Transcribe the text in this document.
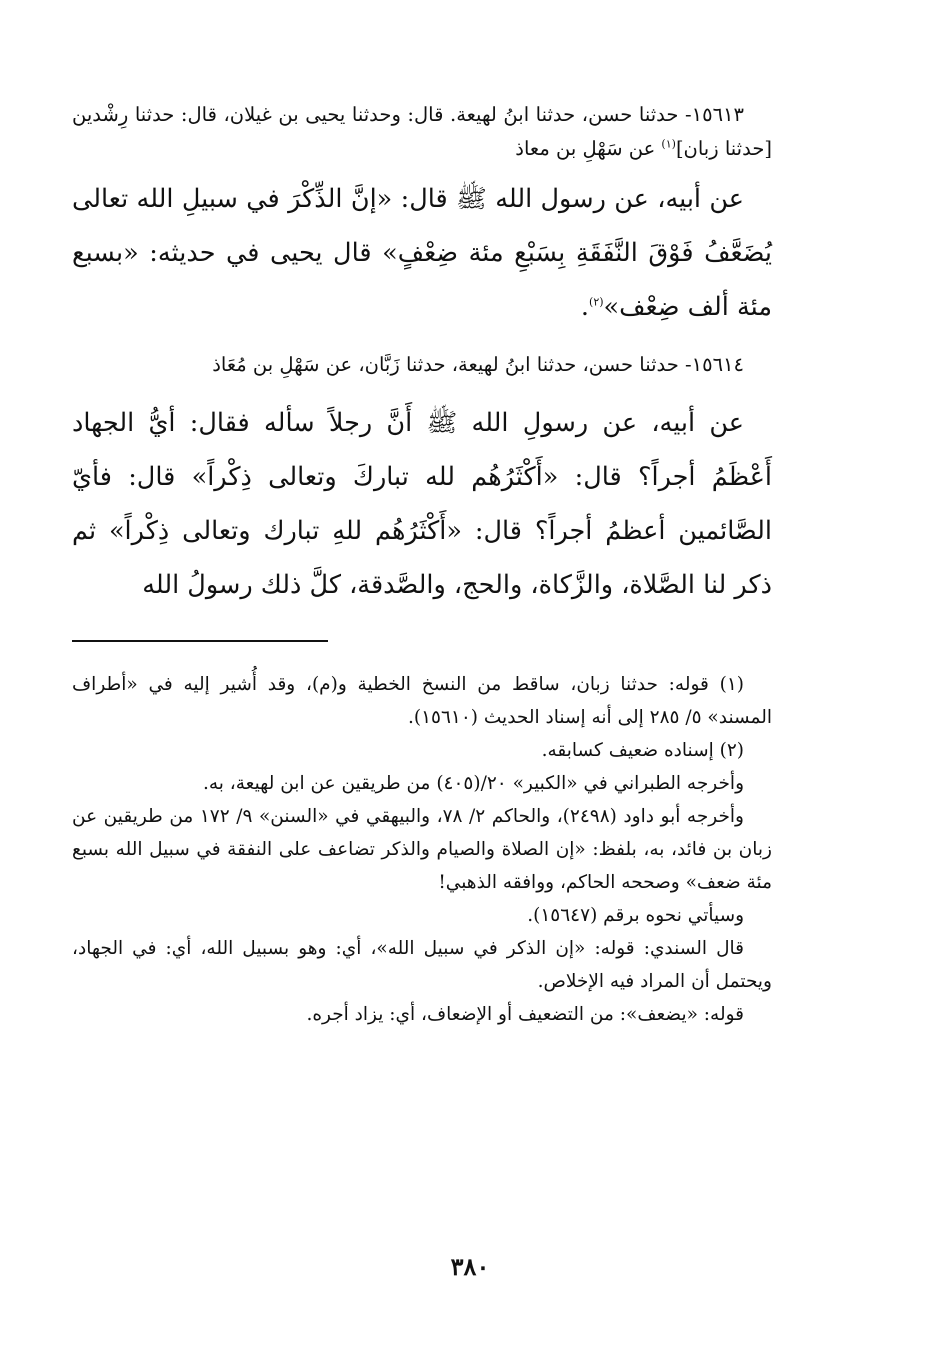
١٥٦١٣- حدثنا حسن، حدثنا ابنُ لهيعة. قال: وحدثنا يحيى بن غيلان، قال: حدثنا رِشْدين [حدثنا زبان]$^{(١)}$ عن سَهْلِ بن معاذ

عن أبيه، عن رسول الله ﷺ قال: «إنَّ الذِّكْرَ في سبيلِ الله تعالى يُضَعَّفُ فَوْقَ النَّفَقَةِ بِسَبْعِ مئة ضِعْفٍ» قال يحيى في حديثه: «بسبع مئة ألف ضِعْف»$^{(٢)}$.

١٥٦١٤- حدثنا حسن، حدثنا ابنُ لهيعة، حدثنا زَبَّان، عن سَهْلِ بن مُعَاذ

عن أبيه، عن رسولِ الله ﷺ أَنَّ رجلاً سأله فقال: أيُّ الجهاد أَعْظَمُ أجراً؟ قال: «أَكْثَرُهُم لله تباركَ وتعالى ذِكْراً» قال: فأيّ الصَّائمين أعظمُ أجراً؟ قال: «أَكْثَرُهُم للهِ تبارك وتعالى ذِكْراً» ثم ذكر لنا الصَّلاة، والزَّكاة، والحج، والصَّدقة، كلَّ ذلك رسولُ الله

(١) قوله: حدثنا زبان، ساقط من النسخ الخطية و(م)، وقد أُشير إليه في «أطراف المسند» ٥/ ٢٨٥ إلى أنه إسناد الحديث (١٥٦١٠).

(٢) إسناده ضعيف كسابقه.

وأخرجه الطبراني في «الكبير» ٢٠/(٤٠٥) من طريقين عن ابن لهيعة، به.

وأخرجه أبو داود (٢٤٩٨)، والحاكم ٢/ ٧٨، والبيهقي في «السنن» ٩/ ١٧٢ من طريقين عن زبان بن فائد، به، بلفظ: «إن الصلاة والصيام والذكر تضاعف على النفقة في سبيل الله بسبع مئة ضعف» وصححه الحاكم، ووافقه الذهبي!

وسيأتي نحوه برقم (١٥٦٤٧).

قال السندي: قوله: «إن الذكر في سبيل الله»، أي: وهو بسبيل الله، أي: في الجهاد، ويحتمل أن المراد فيه الإخلاص.

قوله: «يضعف»: من التضعيف أو الإضعاف، أي: يزاد أجره.

٣٨٠
